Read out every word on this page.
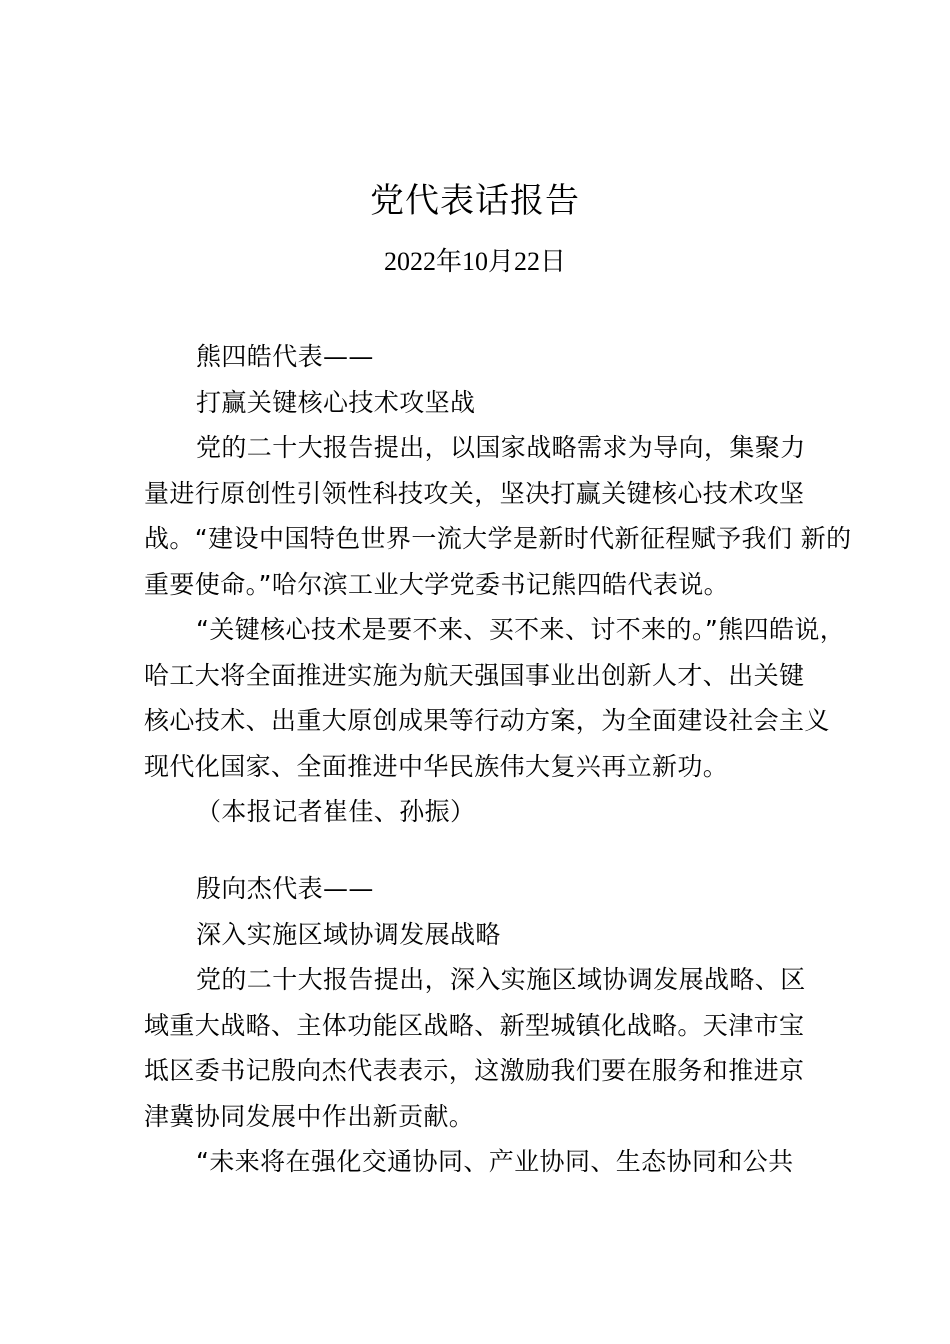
党代表话报告
2022年10月22日
熊四皓代表——
打赢关键核心技术攻坚战
党的二十大报告提出，以国家战略需求为导向，集聚力
量进行原创性引领性科技攻关，坚决打赢关键核心技术攻坚
战。“建设中国特色世界一流大学是新时代新征程赋予我们 新的
重要使命。”哈尔滨工业大学党委书记熊四皓代表说。
“关键核心技术是要不来、买不来、讨不来的。”熊四皓说，
哈工大将全面推进实施为航天强国事业出创新人才、出关键
核心技术、出重大原创成果等行动方案，为全面建设社会主义
现代化国家、全面推进中华民族伟大复兴再立新功。
（本报记者崔佳、孙振）
殷向杰代表——
深入实施区域协调发展战略
党的二十大报告提出，深入实施区域协调发展战略、区
域重大战略、主体功能区战略、新型城镇化战略。天津市宝
坻区委书记殷向杰代表表示，这激励我们要在服务和推进京
津冀协同发展中作出新贡献。
“未来将在强化交通协同、产业协同、生态协同和公共
